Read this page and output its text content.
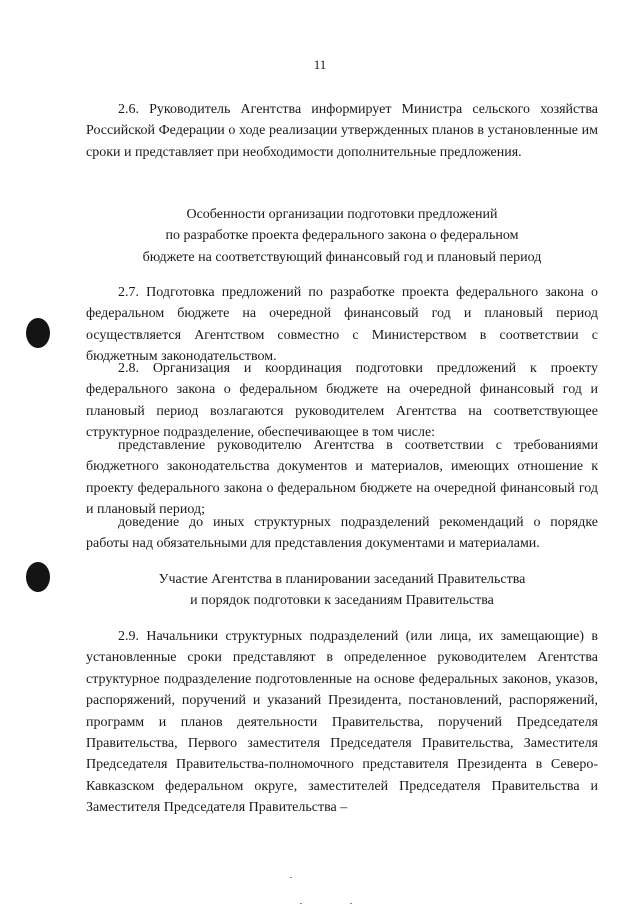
11

2.6. Руководитель Агентства информирует Министра сельского хозяйства Российской Федерации о ходе реализации утвержденных планов в установленные им сроки и представляет при необходимости дополнительные предложения.

Особенности организации подготовки предложений
по разработке проекта федерального закона о федеральном
бюджете на соответствующий финансовый год и плановый период

2.7. Подготовка предложений по разработке проекта федерального закона о федеральном бюджете на очередной финансовый год и плановый период осуществляется Агентством совместно с Министерством в соответствии с бюджетным законодательством.

2.8. Организация и координация подготовки предложений к проекту федерального закона о федеральном бюджете на очередной финансовый год и плановый период возлагаются руководителем Агентства на соответствующее структурное подразделение, обеспечивающее в том числе:

представление руководителю Агентства в соответствии с требованиями бюджетного законодательства документов и материалов, имеющих отношение к проекту федерального закона о федеральном бюджете на очередной финансовый год и плановый период;

доведение до иных структурных подразделений рекомендаций о порядке работы над обязательными для представления документами и материалами.

Участие Агентства в планировании заседаний Правительства
и порядок подготовки к заседаниям Правительства

2.9. Начальники структурных подразделений (или лица, их замещающие) в установленные сроки представляют в определенное руководителем Агентства структурное подразделение подготовленные на основе федеральных законов, указов, распоряжений, поручений и указаний Президента, постановлений, распоряжений, программ и планов деятельности Правительства, поручений Председателя Правительства, Первого заместителя Председателя Правительства, Заместителя Председателя Правительства-полномочного представителя Президента в Северо-Кавказском федеральном округе, заместителей Председателя Правительства и Заместителя Председателя Правительства –
